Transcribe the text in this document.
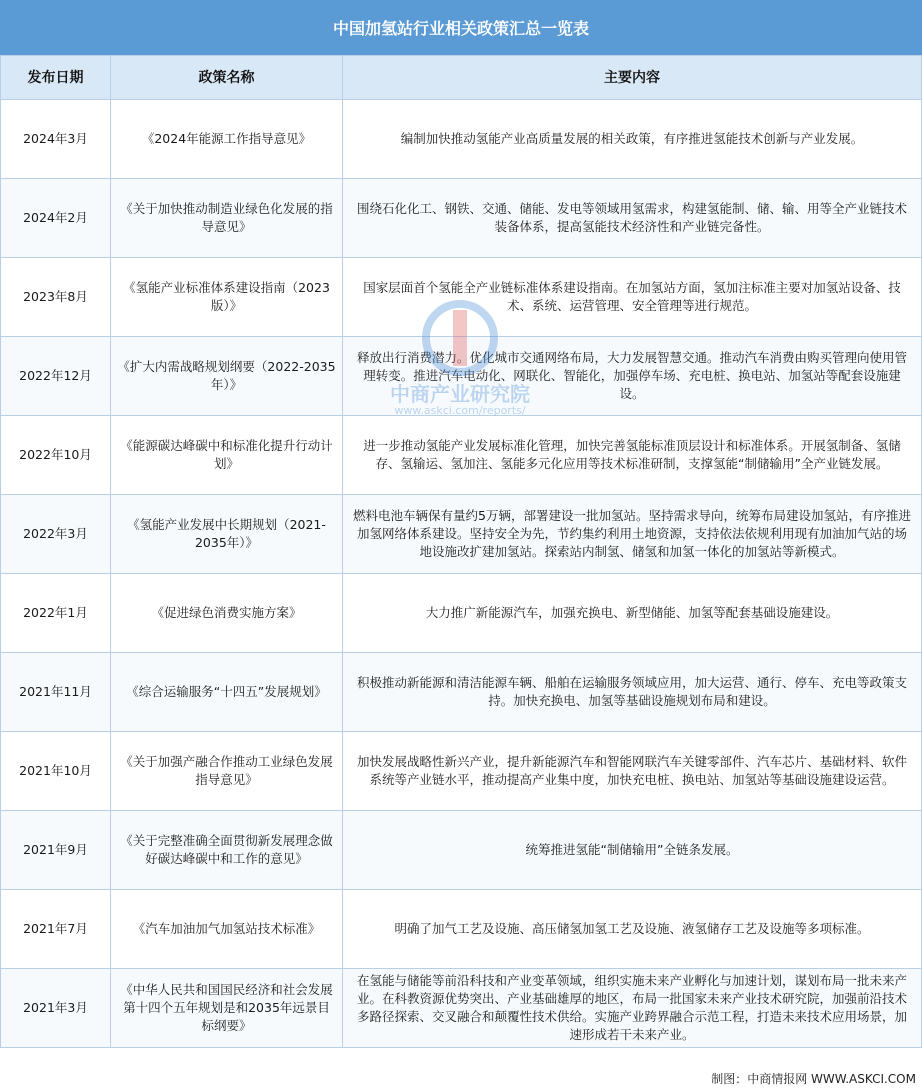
中国加氢站行业相关政策汇总一览表
发布日期	政策名称	主要内容
2024年3月	《2024年能源工作指导意见》	编制加快推动氢能产业高质量发展的相关政策，有序推进氢能技术创新与产业发展。
2024年2月	《关于加快推动制造业绿色化发展的指导意见》	围绕石化化工、钢铁、交通、储能、发电等领域用氢需求，构建氢能制、储、输、用等全产业链技术装备体系，提高氢能技术经济性和产业链完备性。
2023年8月	《氢能产业标准体系建设指南（2023版）》	国家层面首个氢能全产业链标准体系建设指南。在加氢站方面，氢加注标准主要对加氢站设备、技术、系统、运营管理、安全管理等进行规范。
2022年12月	《扩大内需战略规划纲要（2022-2035年）》	释放出行消费潜力。优化城市交通网络布局，大力发展智慧交通。推动汽车消费由购买管理向使用管理转变。推进汽车电动化、网联化、智能化，加强停车场、充电桩、换电站、加氢站等配套设施建设。
2022年10月	《能源碳达峰碳中和标准化提升行动计划》	进一步推动氢能产业发展标准化管理，加快完善氢能标准顶层设计和标准体系。开展氢制备、氢储存、氢输运、氢加注、氢能多元化应用等技术标准研制，支撑氢能“制储输用”全产业链发展。
2022年3月	《氢能产业发展中长期规划（2021-2035年）》	燃料电池车辆保有量约5万辆，部署建设一批加氢站。坚持需求导向，统筹布局建设加氢站，有序推进加氢网络体系建设。坚持安全为先，节约集约利用土地资源，支持依法依规利用现有加油加气站的场地设施改扩建加氢站。探索站内制氢、储氢和加氢一体化的加氢站等新模式。
2022年1月	《促进绿色消费实施方案》	大力推广新能源汽车，加强充换电、新型储能、加氢等配套基础设施建设。
2021年11月	《综合运输服务“十四五”发展规划》	积极推动新能源和清洁能源车辆、船舶在运输服务领域应用，加大运营、通行、停车、充电等政策支持。加快充换电、加氢等基础设施规划布局和建设。
2021年10月	《关于加强产融合作推动工业绿色发展指导意见》	加快发展战略性新兴产业，提升新能源汽车和智能网联汽车关键零部件、汽车芯片、基础材料、软件系统等产业链水平，推动提高产业集中度，加快充电桩、换电站、加氢站等基础设施建设运营。
2021年9月	《关于完整准确全面贯彻新发展理念做好碳达峰碳中和工作的意见》	统筹推进氢能“制储输用”全链条发展。
2021年7月	《汽车加油加气加氢站技术标准》	明确了加气工艺及设施、高压储氢加氢工艺及设施、液氢储存工艺及设施等多项标准。
2021年3月	《中华人民共和国国民经济和社会发展第十四个五年规划是和2035年远景目标纲要》	在氢能与储能等前沿科技和产业变革领域，组织实施未来产业孵化与加速计划，谋划布局一批未来产业。在科教资源优势突出、产业基础雄厚的地区，布局一批国家未来产业技术研究院，加强前沿技术多路径探索、交叉融合和颠覆性技术供给。实施产业跨界融合示范工程，打造未来技术应用场景，加速形成若干未来产业。
中商产业研究院
www.askci.com/reports/
制图：中商情报网 WWW.ASKCI.COM
